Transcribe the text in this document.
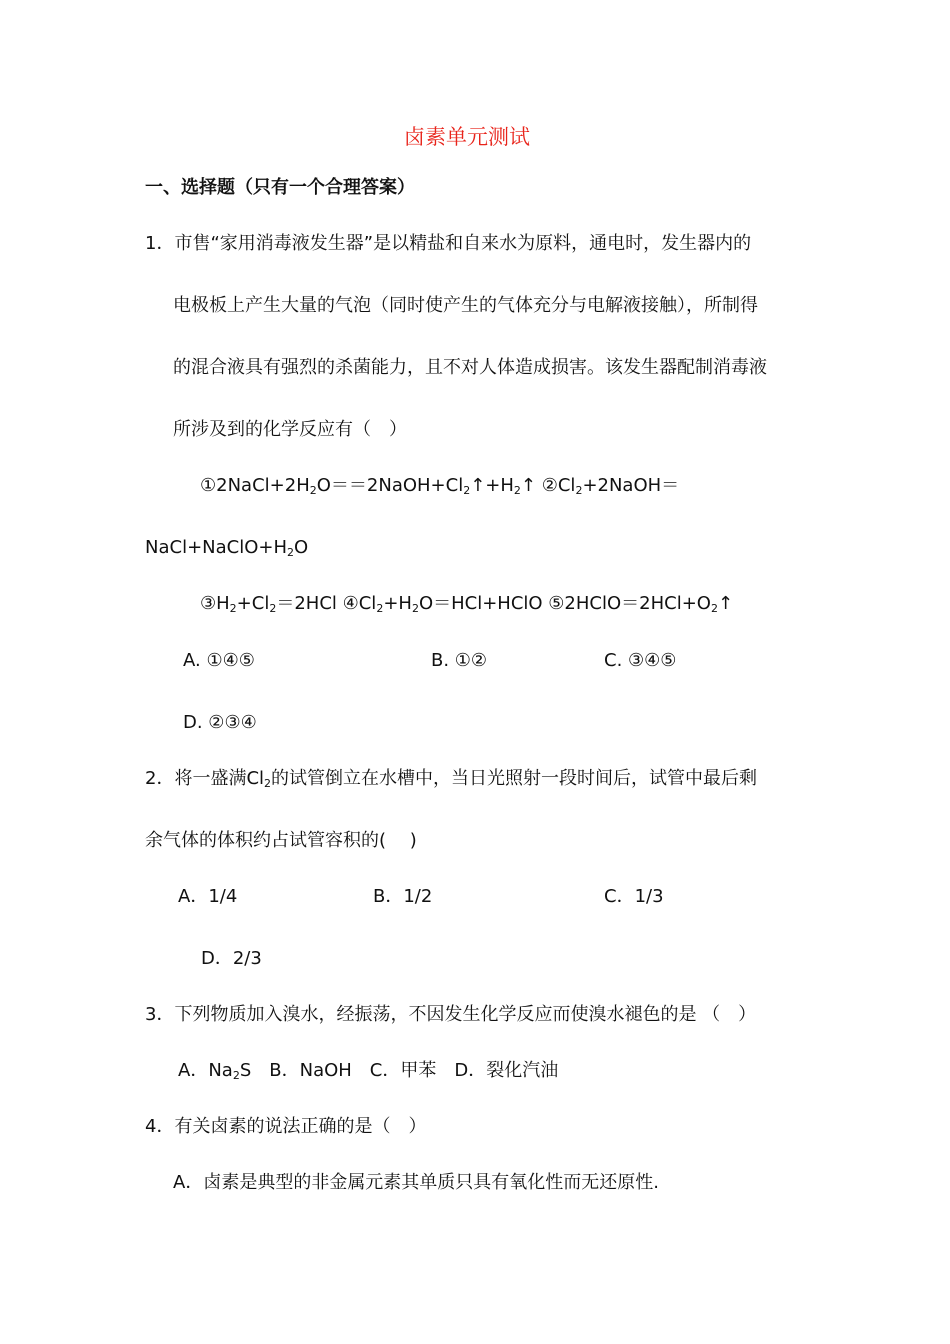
卤素单元测试
一、选择题（只有一个合理答案）
1．市售“家用消毒液发生器”是以精盐和自来水为原料，通电时，发生器内的
电极板上产生大量的气泡（同时使产生的气体充分与电解液接触），所制得
的混合液具有强烈的杀菌能力，且不对人体造成损害。该发生器配制消毒液
所涉及到的化学反应有（　）
$①2NaCl+2H_2O==2NaOH+Cl_2↑+H_2↑$ $②Cl_2+2NaOH=$
$NaCl+NaClO+H_2O$
$③H_2+Cl_2=2HCl$ $④Cl_2+H_2O=HCl+HClO$ $⑤2HClO=2HCl+O_2↑$
A. ①④⑤	B. ①②	C. ③④⑤
D. ②③④
2．将一盛满$Cl_2$的试管倒立在水槽中，当日光照射一段时间后，试管中最后剩
余气体的体积约占试管容积的(　 )
A．1/4	B．1/2	C．1/3
D．2/3
3．下列物质加入溴水，经振荡，不因发生化学反应而使溴水褪色的是 （　）
A．$Na_2S$　 B．NaOH　C．甲苯　D．裂化汽油
4．有关卤素的说法正确的是（　）
A．卤素是典型的非金属元素其单质只具有氧化性而无还原性.
